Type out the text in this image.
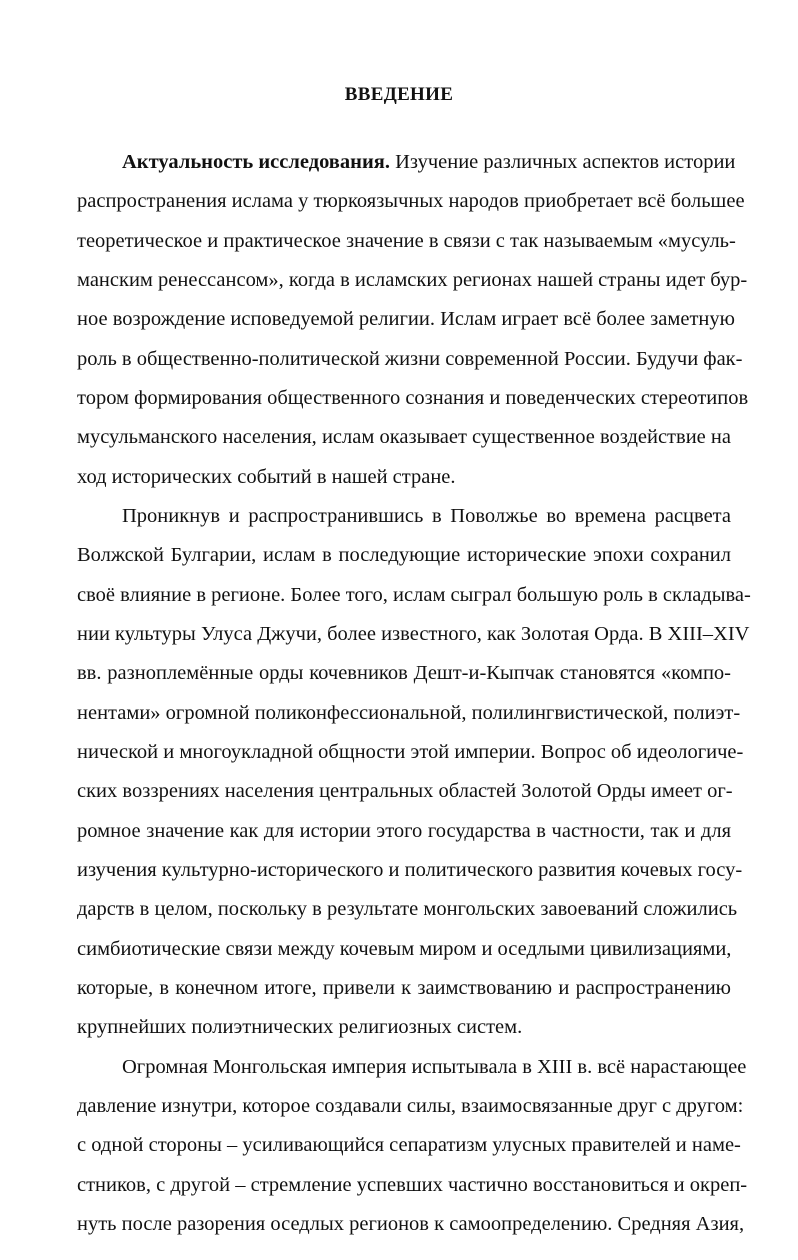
ВВЕДЕНИЕ
Актуальность исследования. Изучение различных аспектов истории
распространения ислама у тюркоязычных народов приобретает всё большее
теоретическое и практическое значение в связи с так называемым «мусуль-
манским ренессансом», когда в исламских регионах нашей страны идет бур-
ное возрождение исповедуемой религии. Ислам играет всё более заметную
роль в общественно-политической жизни современной России. Будучи фак-
тором формирования общественного сознания и поведенческих стереотипов
мусульманского населения, ислам оказывает существенное воздействие на
ход исторических событий в нашей стране.
Проникнув и распространившись в Поволжье во времена расцвета
Волжской Булгарии, ислам в последующие исторические эпохи сохранил
своё влияние в регионе. Более того, ислам сыграл большую роль в складыва-
нии культуры Улуса Джучи, более известного, как Золотая Орда. В XIII–XIV
вв. разноплемённые орды кочевников Дешт-и-Кыпчак становятся «компо-
нентами» огромной поликонфессиональной, полилингвистической, полиэт-
нической и многоукладной общности этой империи. Вопрос об идеологиче-
ских воззрениях населения центральных областей Золотой Орды имеет ог-
ромное значение как для истории этого государства в частности, так и для
изучения культурно-исторического и политического развития кочевых госу-
дарств в целом, поскольку в результате монгольских завоеваний сложились
симбиотические связи между кочевым миром и оседлыми цивилизациями,
которые, в конечном итоге, привели к заимствованию и распространению
крупнейших полиэтнических религиозных систем.
Огромная Монгольская империя испытывала в XIII в. всё нарастающее
давление изнутри, которое создавали силы, взаимосвязанные друг с другом:
с одной стороны – усиливающийся сепаратизм улусных правителей и наме-
стников, с другой – стремление успевших частично восстановиться и окреп-
нуть после разорения оседлых регионов к самоопределению. Средняя Азия,
